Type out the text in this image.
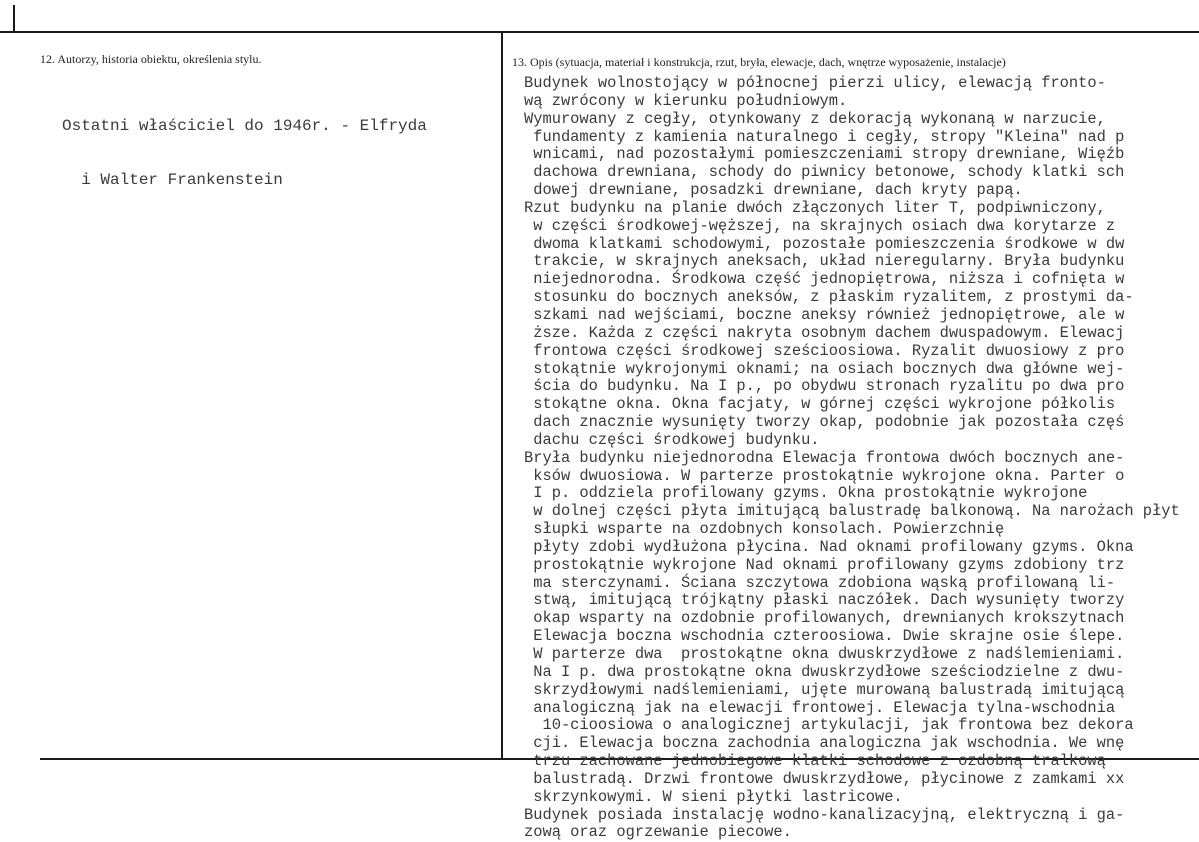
12. Autorzy, historia obiektu, określenia stylu.	13. Opis (sytuacja, materiał i konstrukcja, rzut, bryła, elewacje, dach, wnętrze wyposażenie, instalacje)

Ostatni właściciel do 1946r. - Elfryda

i Walter Frankenstein

Budynek wolnostojący w północnej pierzi ulicy, elewacją fronto-
wą zwrócony w kierunku południowym.
Wymurowany z cegły, otynkowany z dekoracją wykonaną w narzucie,
fundamenty z kamienia naturalnego i cegły, stropy "Kleina" nad p
wnicami, nad pozostałymi pomieszczeniami stropy drewniane, Więźb
dachowa drewniana, schody do piwnicy betonowe, schody klatki sch
dowej drewniane, posadzki drewniane, dach kryty papą.
Rzut budynku na planie dwóch złączonych liter T, podpiwniczony,
w części środkowej-węższej, na skrajnych osiach dwa korytarze z
dwoma klatkami schodowymi, pozostałe pomieszczenia środkowe w dw
trakcie, w skrajnych aneksach, układ nieregularny. Bryła budynku
niejednorodna. Środkowa część jednopiętrowa, niższa i cofnięta w
stosunku do bocznych aneksów, z płaskim ryzalitem, z prostymi da-
szkami nad wejściami, boczne aneksy również jednopiętrowe, ale w
ższe. Każda z części nakryta osobnym dachem dwuspadowym. Elewacj
frontowa części środkowej sześcioosiowa. Ryzalit dwuosiowy z pro
stokątnie wykrojonymi oknami; na osiach bocznych dwa główne wej-
ścia do budynku. Na I p., po obydwu stronach ryzalitu po dwa pro
stokątne okna. Okna facjaty, w górnej części wykrojone półkolis
dach znacznie wysunięty tworzy okap, podobnie jak pozostała częś
dachu części środkowej budynku.
Bryła budynku niejednorodna Elewacja frontowa dwóch bocznych ane-
ksów dwuosiowa. W parterze prostokątnie wykrojone okna. Parter o
I p. oddziela profilowany gzyms. Okna prostokątnie wykrojone
w dolnej części płyta imitującą balustradę balkonową. Na narożach płyt
słupki wsparte na ozdobnych konsolach. Powierzchnię
płyty zdobi wydłużona płycina. Nad oknami profilowany gzyms. Okna
prostokątnie wykrojone Nad oknami profilowany gzyms zdobiony trz
ma sterczynami. Ściana szczytowa zdobiona wąską profilowaną li-
stwą, imitującą trójkątny płaski naczółek. Dach wysunięty tworzy
okap wsparty na ozdobnie profilowanych, drewnianych krokszytnach
Elewacja boczna wschodnia czteroosiowa. Dwie skrajne osie ślepe.
W parterze dwa  prostokątne okna dwuskrzydłowe z nadślemieniami.
Na I p. dwa prostokątne okna dwuskrzydłowe sześciodzielne z dwu-
skrzydłowymi nadślemieniami, ujęte murowaną balustradą imitującą
analogiczną jak na elewacji frontowej. Elewacja tylna-wschodnia
10-cioosiowa o analogicznej artykulacji, jak frontowa bez dekora
cji. Elewacja boczna zachodnia analogiczna jak wschodnia. We wnę
trzu zachowane jednobiegowe klatki schodowe z ozdobną tralkową
balustradą. Drzwi frontowe dwuskrzydłowe, płycinowe z zamkami xx
skrzynkowymi. W sieni płytki lastricowe.
Budynek posiada instalację wodno-kanalizacyjną, elektryczną i ga-
zową oraz ogrzewanie piecowe.
